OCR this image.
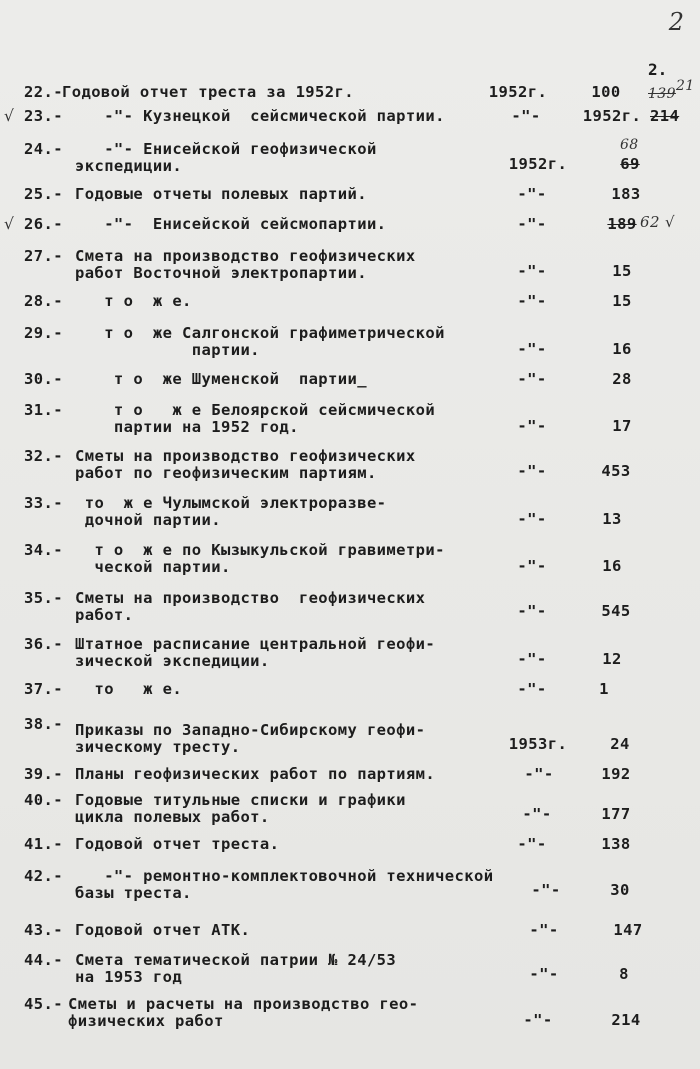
2
2.
22.- Годовой отчет треста за 1952г.	1952г.	100	139 21
√ 23.- -"- Кузнецкой  сейсмической партии.	-"-	1952г. 214
24.-	-"- Енисейской геофизической
экспедиции.	1952г.	69
68
25.- Годовые отчеты полевых партий.	-"-	183
√ 26.- -"-  Енисейской сейсмопартии.	-"-	189 62 √
27.- Смета на производство геофизических
работ Восточной электропартии.	-"-	15
28.- т о  ж е.	-"-	15
29.-	т о  же Салгонской графиметрической
партии.	-"-	16
30.- т о  же Шуменской  партии_	-"-	28
31.-	т о   ж е Белоярской сейсмической
партии на 1952 год.	-"-	17
32.- Сметы на производство геофизических
работ по геофизическим партиям.	-"-	453
33.-	то  ж е Чулымской электроразве-
дочной партии.	-"-	13
34.-	т о  ж е по Кызыкульской гравиметри-
ческой партии.	-"-	16
35.- Сметы на производство  геофизических
работ.	-"-	545
36.- Штатное расписание центральной геофи-
зической экспедиции.	-"-	12
37.- то   ж е.	-"-	1
38.- Приказы по Западно-Сибирскому геофи-
зическому тресту.	1953г.	24
39.- Планы геофизических работ по партиям.	-"-	192
40.- Годовые титульные списки и графики
цикла полевых работ.	-"-	177
41.- Годовой отчет треста.	-"-	138
42.-	-"- ремонтно-комплектовочной технической
базы треста.	-"-	30
43.- Годовой отчет АТК.	-"-	147
44.- Смета тематической патрии № 24/53
на 1953 год	-"-	8
45.- Сметы и расчеты на производство гео-
физических работ	-"-	214
